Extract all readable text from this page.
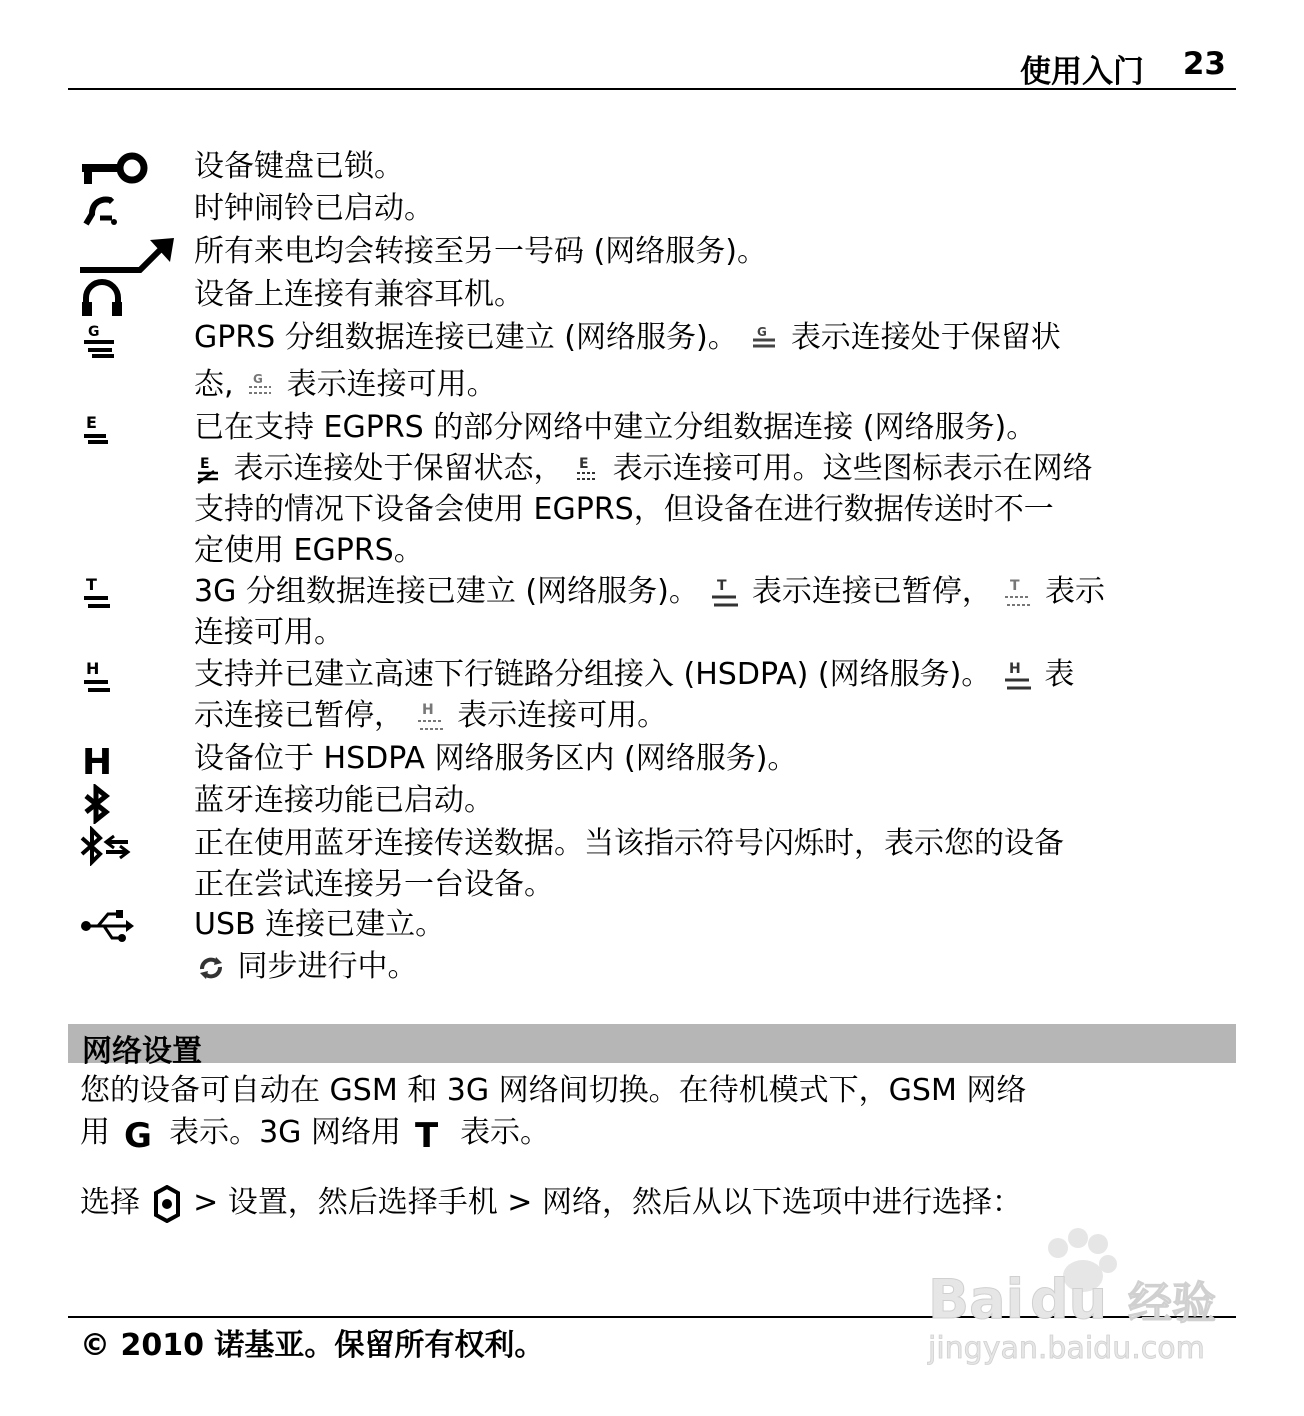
使用入门 23
G
E
T
H
H
设备键盘已锁。
时钟闹铃已启动。
所有来电均会转接至另一号码 (网络服务)。
设备上连接有兼容耳机。
GPRS 分组数据连接已建立 (网络服务)。 G 表示连接处于保留状
态, G 表示连接可用。
已在支持 EGPRS 的部分网络中建立分组数据连接 (网络服务)。
E 表示连接处于保留状态， E 表示连接可用。这些图标表示在网络
支持的情况下设备会使用 EGPRS，但设备在进行数据传送时不一
定使用 EGPRS。
3G 分组数据连接已建立 (网络服务)。 T 表示连接已暂停， T 表示
连接可用。
支持并已建立高速下行链路分组接入 (HSDPA) (网络服务)。 H 表
示连接已暂停， H 表示连接可用。
设备位于 HSDPA 网络服务区内 (网络服务)。
蓝牙连接功能已启动。
正在使用蓝牙连接传送数据。当该指示符号闪烁时，表示您的设备
正在尝试连接另一台设备。
USB 连接已建立。
同步进行中。
网络设置
您的设备可自动在 GSM 和 3G 网络间切换。在待机模式下，GSM 网络
用 G 表示。3G 网络用 T 表示。
选择 > 设置，然后选择手机 > 网络，然后从以下选项中进行选择：
© 2010 诺基亚。保留所有权利。
Bai du 经验
jingyan.baidu.com
